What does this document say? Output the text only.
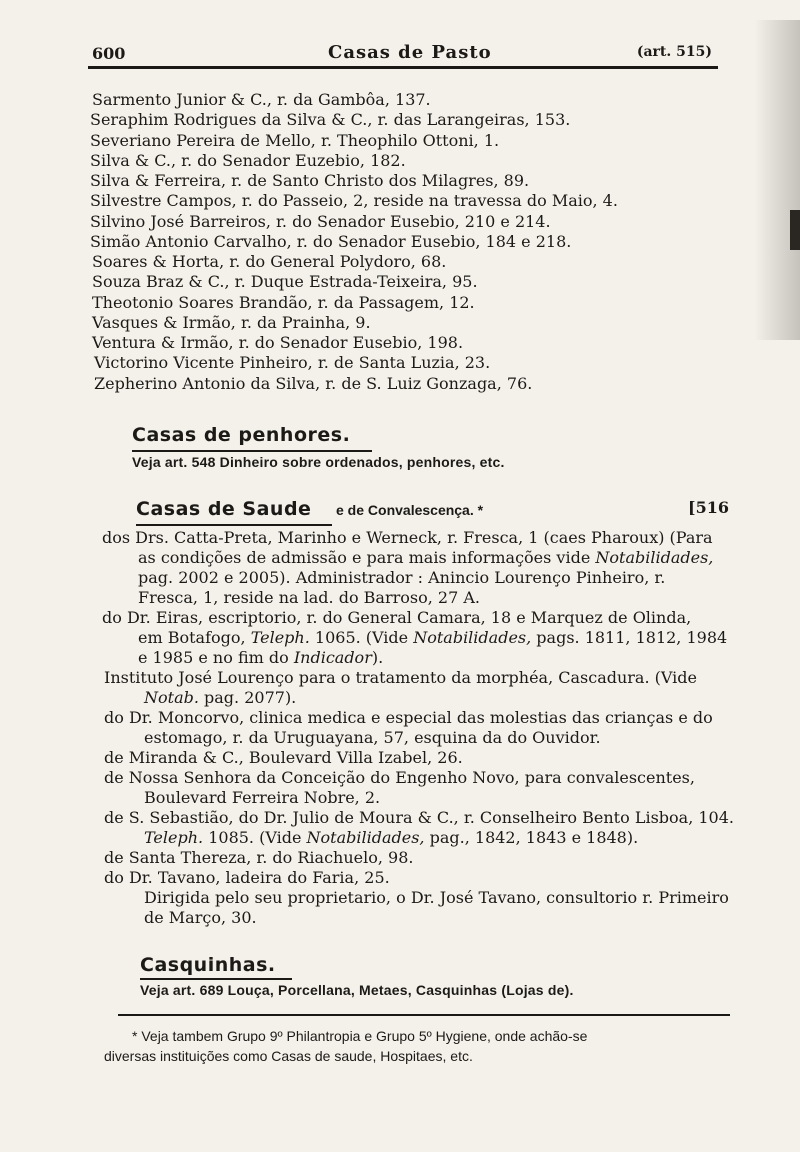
600	Casas de Pasto	(art. 515)
Sarmento Junior & C., r. da Gambôa, 137.
Seraphim Rodrigues da Silva & C., r. das Larangeiras, 153.
Severiano Pereira de Mello, r. Theophilo Ottoni, 1.
Silva & C., r. do Senador Euzebio, 182.
Silva & Ferreira, r. de Santo Christo dos Milagres, 89.
Silvestre Campos, r. do Passeio, 2, reside na travessa do Maio, 4.
Silvino José Barreiros, r. do Senador Eusebio, 210 e 214.
Simão Antonio Carvalho, r. do Senador Eusebio, 184 e 218.
Soares & Horta, r. do General Polydoro, 68.
Souza Braz & C., r. Duque Estrada-Teixeira, 95.
Theotonio Soares Brandão, r. da Passagem, 12.
Vasques & Irmão, r. da Prainha, 9.
Ventura & Irmão, r. do Senador Eusebio, 198.
Victorino Vicente Pinheiro, r. de Santa Luzia, 23.
Zepherino Antonio da Silva, r. de S. Luiz Gonzaga, 76.
Casas de penhores.
Veja art. 548 Dinheiro sobre ordenados, penhores, etc.
Casas de Saude e de Convalescença. *	[516
dos Drs. Catta-Preta, Marinho e Werneck, r. Fresca, 1 (caes Pharoux) (Para
as condições de admissão e para mais informações vide Notabilidades,
pag. 2002 e 2005). Administrador : Anincio Lourenço Pinheiro, r.
Fresca, 1, reside na lad. do Barroso, 27 A.
do Dr. Eiras, escriptorio, r. do General Camara, 18 e Marquez de Olinda,
em Botafogo, Teleph. 1065. (Vide Notabilidades, pags. 1811, 1812, 1984
e 1985 e no fim do Indicador).
Instituto José Lourenço para o tratamento da morphéa, Cascadura. (Vide
Notab. pag. 2077).
do Dr. Moncorvo, clinica medica e especial das molestias das crianças e do
estomago, r. da Uruguayana, 57, esquina da do Ouvidor.
de Miranda & C., Boulevard Villa Izabel, 26.
de Nossa Senhora da Conceição do Engenho Novo, para convalescentes,
Boulevard Ferreira Nobre, 2.
de S. Sebastião, do Dr. Julio de Moura & C., r. Conselheiro Bento Lisboa, 104.
Teleph. 1085. (Vide Notabilidades, pag., 1842, 1843 e 1848).
de Santa Thereza, r. do Riachuelo, 98.
do Dr. Tavano, ladeira do Faria, 25.
Dirigida pelo seu proprietario, o Dr. José Tavano, consultorio r. Primeiro
de Março, 30.
Casquinhas.
Veja art. 689 Louça, Porcellana, Metaes, Casquinhas (Lojas de).
* Veja tambem Grupo 9º Philantropia e Grupo 5º Hygiene, onde achão-se
diversas instituições como Casas de saude, Hospitaes, etc.
